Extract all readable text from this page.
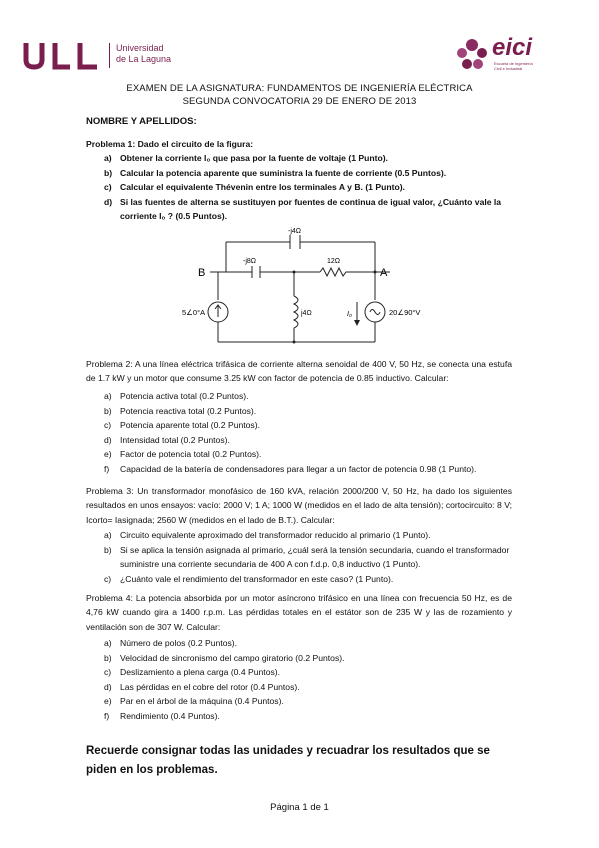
Universidad
de La Laguna	eici
Escuela de Ingeniería
Civil e Industrial
EXAMEN DE LA ASIGNATURA: FUNDAMENTOS DE INGENIERÍA ELÉCTRICA
SEGUNDA CONVOCATORIA 29 DE ENERO DE 2013
NOMBRE Y APELLIDOS:
Problema 1: Dado el circuito de la figura:
a) Obtener la corriente I₀ que pasa por la fuente de voltaje (1 Punto).
b) Calcular la potencia aparente que suministra la fuente de corriente (0.5 Puntos).
c) Calcular el equivalente Thévenin entre los terminales A y B. (1 Punto).
d) Si las fuentes de alterna se sustituyen por fuentes de continua de igual valor, ¿Cuánto vale la corriente I₀ ? (0.5 Puntos).
-j4Ω
-j8Ω	12Ω
j4Ω
B	A
5∠0°A	20∠90°V
I₀
Problema 2: A una línea eléctrica trifásica de corriente alterna senoidal de 400 V, 50 Hz, se conecta una estufa de 1.7 kW y un motor que consume 3.25 kW con factor de potencia de 0.85 inductivo. Calcular:
a) Potencia activa total (0.2 Puntos).
b) Potencia reactiva total (0.2 Puntos).
c) Potencia aparente total (0.2 Puntos).
d) Intensidad total (0.2 Puntos).
e) Factor de potencia total (0.2 Puntos).
f) Capacidad de la batería de condensadores para llegar a un factor de potencia 0.98 (1 Punto).
Problema 3: Un transformador monofásico de 160 kVA, relación 2000/200 V, 50 Hz, ha dado los siguientes resultados en unos ensayos: vacío: 2000 V; 1 A; 1000 W (medidos en el lado de alta tensión); cortocircuito: 8 V; Icorto= Iasignada; 2560 W (medidos en el lado de B.T.). Calcular:
a) Circuito equivalente aproximado del transformador reducido al primario (1 Punto).
b) Si se aplica la tensión asignada al primario, ¿cuál será la tensión secundaria, cuando el transformador suministre una corriente secundaria de 400 A con f.d.p. 0,8 inductivo (1 Punto).
c) ¿Cuánto vale el rendimiento del transformador en este caso? (1 Punto).
Problema 4: La potencia absorbida por un motor asíncrono trifásico en una línea con frecuencia 50 Hz, es de 4,76 kW cuando gira a 1400 r.p.m. Las pérdidas totales en el estátor son de 235 W y las de rozamiento y ventilación son de 307 W. Calcular:
a) Número de polos (0.2 Puntos).
b) Velocidad de sincronismo del campo giratorio (0.2 Puntos).
c) Deslizamiento a plena carga (0.4 Puntos).
d) Las pérdidas en el cobre del rotor (0.4 Puntos).
e) Par en el árbol de la máquina (0.4 Puntos).
f) Rendimiento (0.4 Puntos).
Recuerde consignar todas las unidades y recuadrar los resultados que se piden en los problemas.
Página 1 de 1
